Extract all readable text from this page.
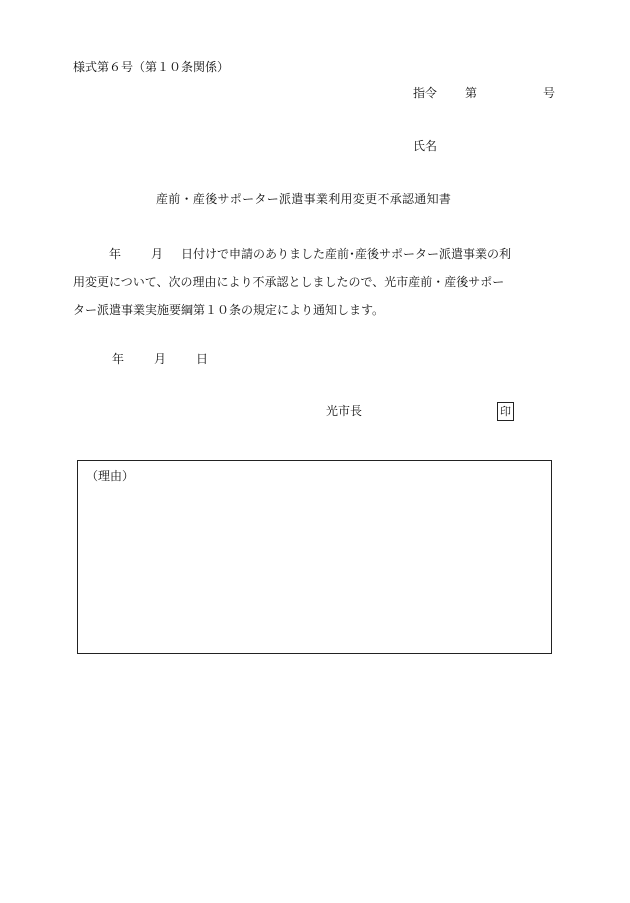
様式第６号（第１０条関係）
指令 第	号
氏名
産前・産後サポーター派遣事業利用変更不承認通知書
年	月 日付けで申請のありました産前･産後サポーター派遣事業の利
用変更について、次の理由により不承認としましたので、光市産前・産後サポー
ター派遣事業実施要綱第１０条の規定により通知します。
年	月	日
光市長	印
（理由）
